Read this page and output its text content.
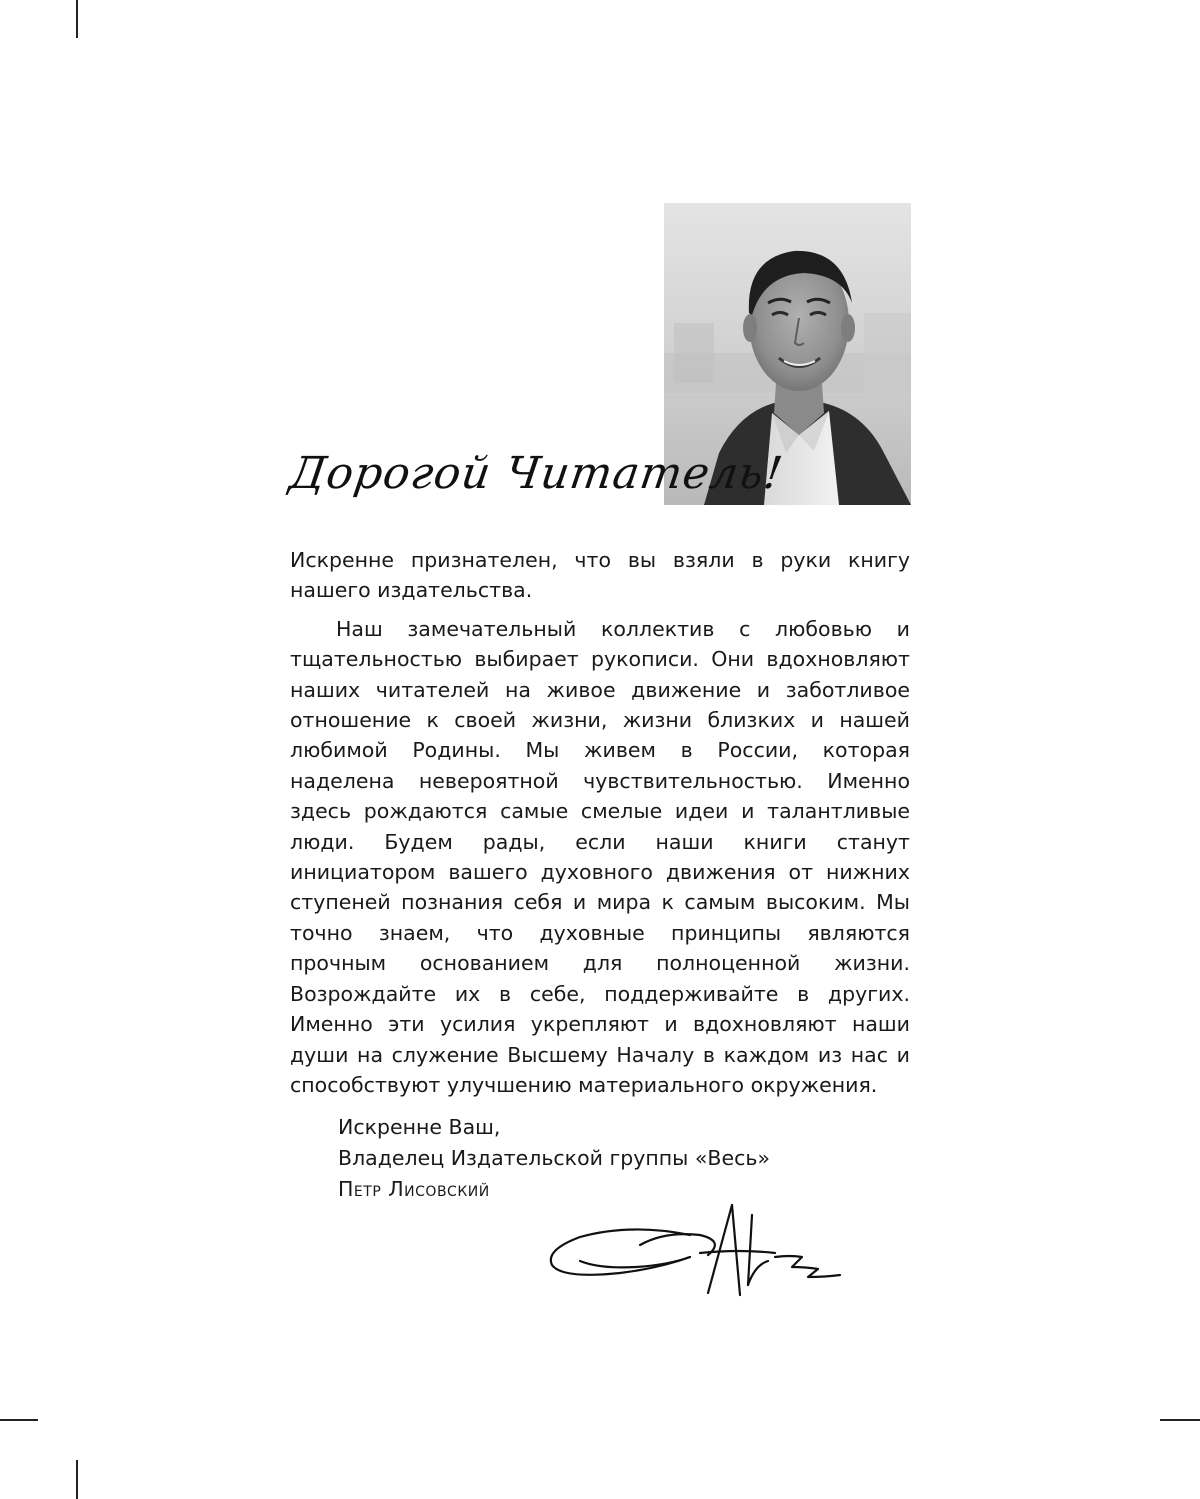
Дорогой Читатель!

Искренне признателен, что вы взяли в руки книгу нашего издательства.

Наш замечательный коллектив с любовью и тщательностью выбирает рукописи. Они вдохновляют наших читателей на живое движение и заботливое отношение к своей жизни, жизни близких и нашей любимой Родины. Мы живем в России, которая наделена невероятной чувствительностью. Именно здесь рождаются самые смелые идеи и талантливые люди. Будем рады, если наши книги станут инициатором вашего духовного движения от нижних ступеней познания себя и мира к самым высоким. Мы точно знаем, что духовные принципы являются прочным основанием для полноценной жизни. Возрождайте их в себе, поддерживайте в других. Именно эти усилия укрепляют и вдохновляют наши души на служение Высшему Началу в каждом из нас и способствуют улучшению материального окружения.

Искренне Ваш,
Владелец Издательской группы «Весь»
Петр Лисовский
